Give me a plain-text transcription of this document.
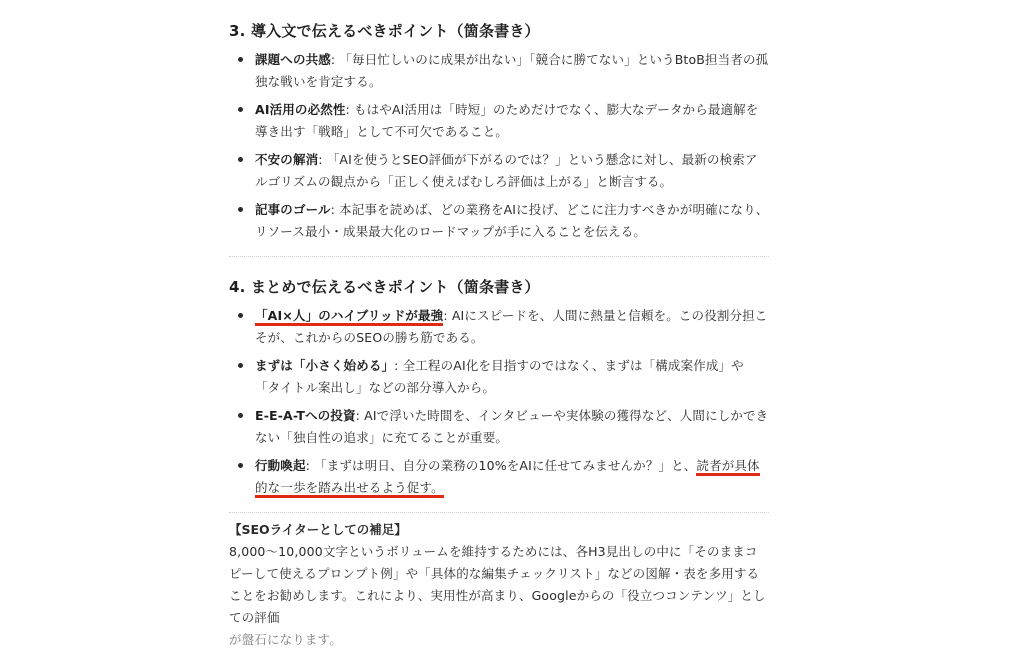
3. 導入文で伝えるべきポイント（箇条書き）
課題への共感: 「毎日忙しいのに成果が出ない」「競合に勝てない」というBtoB担当者の孤独な戦いを肯定する。
AI活用の必然性: もはやAI活用は「時短」のためだけでなく、膨大なデータから最適解を導き出す「戦略」として不可欠であること。
不安の解消: 「AIを使うとSEO評価が下がるのでは？」という懸念に対し、最新の検索アルゴリズムの観点から「正しく使えばむしろ評価は上がる」と断言する。
記事のゴール: 本記事を読めば、どの業務をAIに投げ、どこに注力すべきかが明確になり、リソース最小・成果最大化のロードマップが手に入ることを伝える。
4. まとめで伝えるべきポイント（箇条書き）
「AI×人」のハイブリッドが最強: AIにスピードを、人間に熱量と信頼を。この役割分担こそが、これからのSEOの勝ち筋である。
まずは「小さく始める」: 全工程のAI化を目指すのではなく、まずは「構成案作成」や「タイトル案出し」などの部分導入から。
E-E-A-Tへの投資: AIで浮いた時間を、インタビューや実体験の獲得など、人間にしかできない「独自性の追求」に充てることが重要。
行動喚起: 「まずは明日、自分の業務の10%をAIに任せてみませんか？」と、読者が具体的な一歩を踏み出せるよう促す。
【SEOライターとしての補足】
8,000〜10,000文字というボリュームを維持するためには、各H3見出しの中に「そのままコピーして使えるプロンプト例」や「具体的な編集チェックリスト」などの図解・表を多用することをお勧めします。これにより、実用性が高まり、Googleからの「役立つコンテンツ」としての評価
が盤石になります。
